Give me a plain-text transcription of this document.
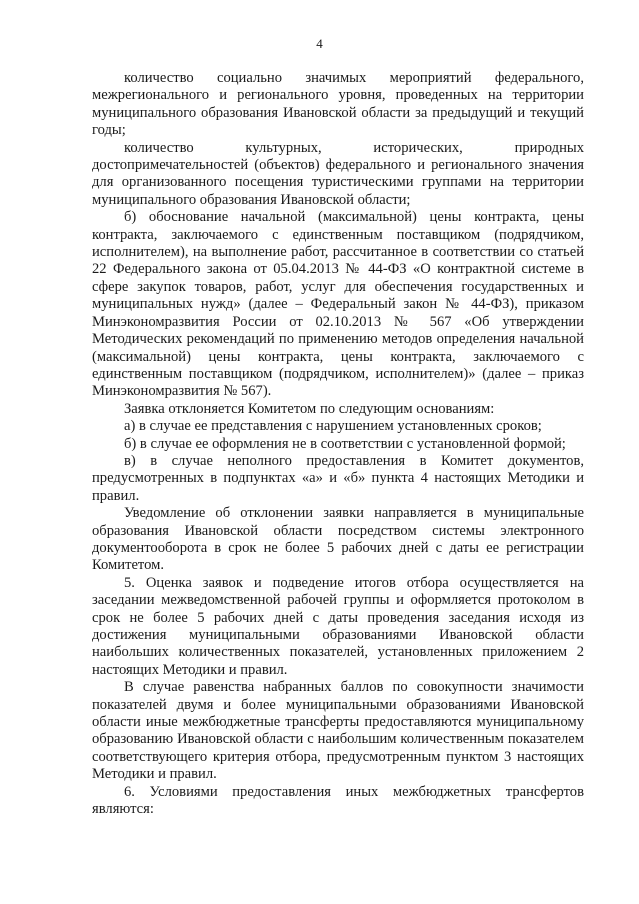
4

количество социально значимых мероприятий федерального, межрегионального и регионального уровня, проведенных на территории муниципального образования Ивановской области за предыдущий и текущий годы;

количество культурных, исторических, природных достопримечательностей (объектов) федерального и регионального значения для организованного посещения туристическими группами на территории муниципального образования Ивановской области;

б) обоснование начальной (максимальной) цены контракта, цены контракта, заключаемого с единственным поставщиком (подрядчиком, исполнителем), на выполнение работ, рассчитанное в соответствии со статьей 22 Федерального закона от 05.04.2013 № 44-ФЗ «О контрактной системе в сфере закупок товаров, работ, услуг для обеспечения государственных и муниципальных нужд» (далее – Федеральный закон № 44-ФЗ), приказом Минэкономразвития России от 02.10.2013 № 567 «Об утверждении Методических рекомендаций по применению методов определения начальной (максимальной) цены контракта, цены контракта, заключаемого с единственным поставщиком (подрядчиком, исполнителем)» (далее – приказ Минэкономразвития № 567).

Заявка отклоняется Комитетом по следующим основаниям:

а) в случае ее представления с нарушением установленных сроков;

б) в случае ее оформления не в соответствии с установленной формой;

в) в случае неполного предоставления в Комитет документов, предусмотренных в подпунктах «а» и «б» пункта 4 настоящих Методики и правил.

Уведомление об отклонении заявки направляется в муниципальные образования Ивановской области посредством системы электронного документооборота в срок не более 5 рабочих дней с даты ее регистрации Комитетом.

5. Оценка заявок и подведение итогов отбора осуществляется на заседании межведомственной рабочей группы и оформляется протоколом в срок не более 5 рабочих дней с даты проведения заседания исходя из достижения муниципальными образованиями Ивановской области наибольших количественных показателей, установленных приложением 2 настоящих Методики и правил.

В случае равенства набранных баллов по совокупности значимости показателей двумя и более муниципальными образованиями Ивановской области иные межбюджетные трансферты предоставляются муниципальному образованию Ивановской области с наибольшим количественным показателем соответствующего критерия отбора, предусмотренным пунктом 3 настоящих Методики и правил.

6. Условиями предоставления иных межбюджетных трансфертов являются:
